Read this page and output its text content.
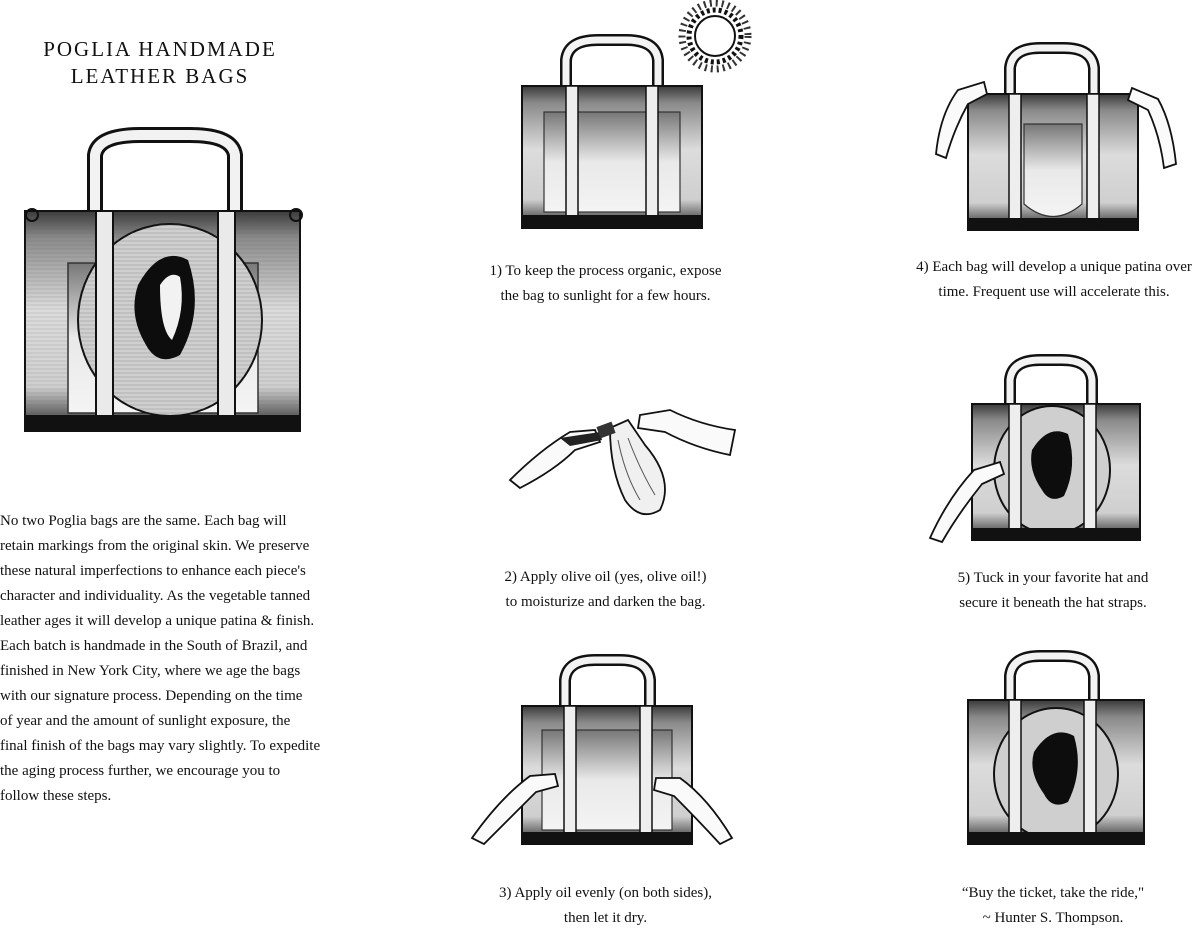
POGLIA HANDMADE
LEATHER BAGS
No two Poglia bags are the same. Each bag will
retain markings from the original skin. We preserve
these natural imperfections to enhance each piece's
character and individuality. As the vegetable tanned
leather ages it will develop a unique patina & finish.
Each batch is handmade in the South of Brazil, and
finished in New York City, where we age the bags
with our signature process. Depending on the time
of year and the amount of sunlight exposure, the
final finish of the bags may vary slightly. To expedite
the aging process further, we encourage you to
follow these steps.
1) To keep the process organic, expose
the bag to sunlight for a few hours.
2) Apply olive oil (yes, olive oil!)
to moisturize and darken the bag.
3) Apply oil evenly (on both sides),
then let it dry.
4) Each bag will develop a unique patina over
time. Frequent use will accelerate this.
5) Tuck in your favorite hat and
secure it beneath the hat straps.
“Buy the ticket, take the ride,"
~ Hunter S. Thompson.
